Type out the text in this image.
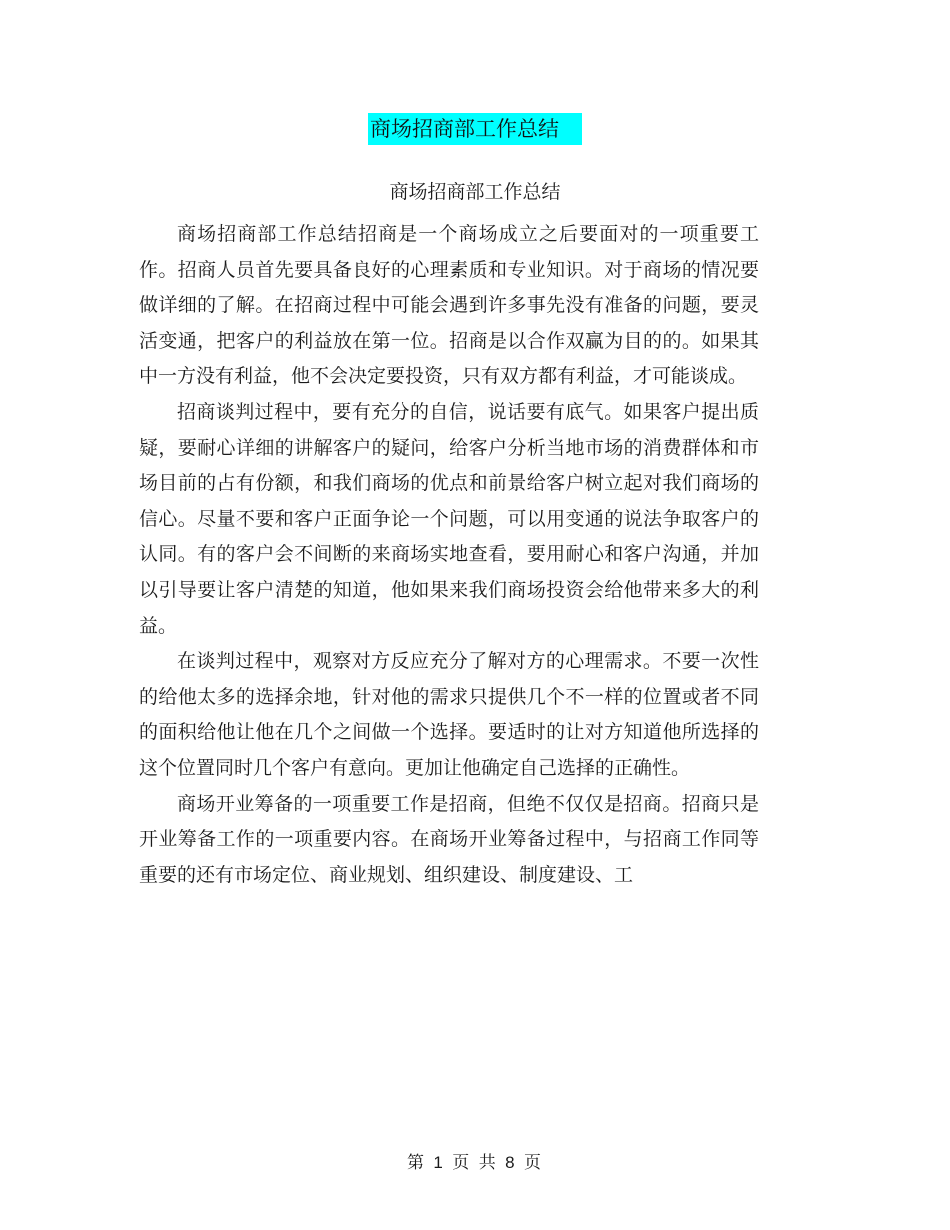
商场招商部工作总结
商场招商部工作总结

商场招商部工作总结招商是一个商场成立之后要面对的一项重要工作。招商人员首先要具备良好的心理素质和专业知识。对于商场的情况要做详细的了解。在招商过程中可能会遇到许多事先没有准备的问题，要灵活变通，把客户的利益放在第一位。招商是以合作双赢为目的的。如果其中一方没有利益，他不会决定要投资，只有双方都有利益，才可能谈成。

招商谈判过程中，要有充分的自信，说话要有底气。如果客户提出质疑，要耐心详细的讲解客户的疑问，给客户分析当地市场的消费群体和市场目前的占有份额，和我们商场的优点和前景给客户树立起对我们商场的信心。尽量不要和客户正面争论一个问题，可以用变通的说法争取客户的认同。有的客户会不间断的来商场实地查看，要用耐心和客户沟通，并加以引导要让客户清楚的知道，他如果来我们商场投资会给他带来多大的利益。

在谈判过程中，观察对方反应充分了解对方的心理需求。不要一次性的给他太多的选择余地，针对他的需求只提供几个不一样的位置或者不同的面积给他让他在几个之间做一个选择。要适时的让对方知道他所选择的这个位置同时几个客户有意向。更加让他确定自己选择的正确性。

商场开业筹备的一项重要工作是招商，但绝不仅仅是招商。招商只是开业筹备工作的一项重要内容。在商场开业筹备过程中，与招商工作同等重要的还有市场定位、商业规划、组织建设、制度建设、工

第 1 页 共 8 页
